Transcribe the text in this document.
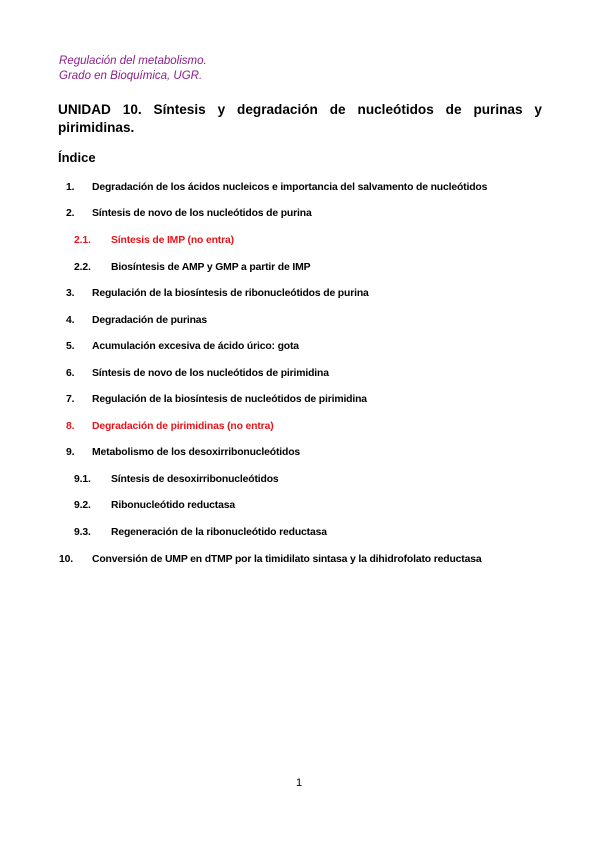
Regulación del metabolismo.
Grado en Bioquímica, UGR.
UNIDAD 10. Síntesis y degradación de nucleótidos de purinas y pirimidinas.
Índice
1. Degradación de los ácidos nucleicos e importancia del salvamento de nucleótidos
2. Síntesis de novo de los nucleótidos de purina
2.1. Síntesis de IMP (no entra)
2.2. Biosíntesis de AMP y GMP a partir de IMP
3. Regulación de la biosíntesis de ribonucleótidos de purina
4. Degradación de purinas
5. Acumulación excesiva de ácido úrico: gota
6. Síntesis de novo de los nucleótidos de pirimidina
7. Regulación de la biosíntesis de nucleótidos de pirimidina
8. Degradación de pirimidinas (no entra)
9. Metabolismo de los desoxirribonucleótidos
9.1. Síntesis de desoxirribonucleótidos
9.2. Ribonucleótido reductasa
9.3. Regeneración de la ribonucleótido reductasa
10. Conversión de UMP en dTMP por la timidilato sintasa y la dihidrofolato reductasa
1
